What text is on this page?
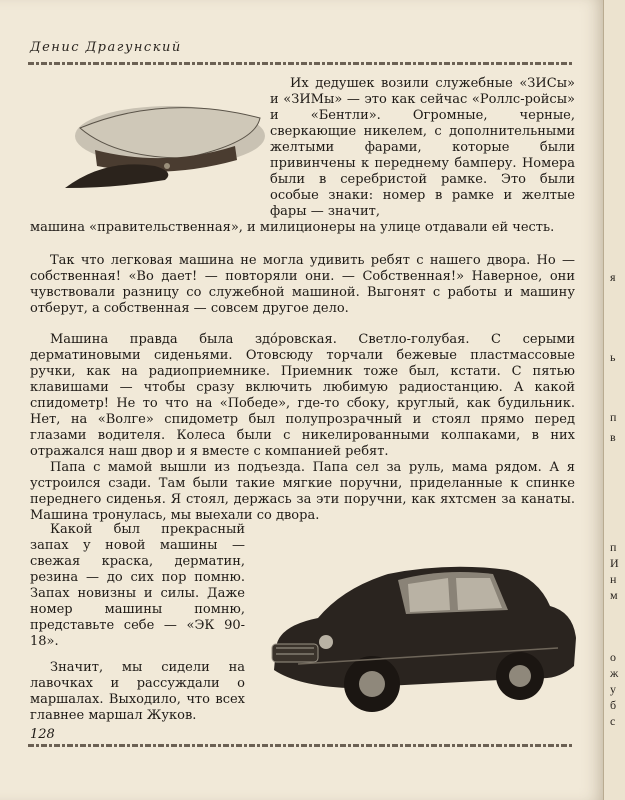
Денис Драгунский

Их дедушек возили служебные «ЗИСы» и «ЗИМы» — это как сейчас «Роллс-ройсы» и «Бентли». Огромные, черные, сверкающие никелем, с дополнительными желтыми фарами, которые были привинчены к переднему бамперу. Номера были в серебристой рамке. Это были особые знаки: номер в рамке и желтые фары — значит,

машина «правительственная», и милиционеры на улице отдавали ей честь.

Так что легковая машина не могла удивить ребят с нашего двора. Но — собственная! «Во дает! — повторяли они. — Собственная!» Наверное, они чувствовали разницу со служебной машиной. Выгонят с работы и машину отберут, а собственная — совсем другое дело.

Машина правда была здо́ровская. Светло-голубая. С серыми дерматиновыми сиденьями. Отовсюду торчали бежевые пластмассовые ручки, как на радиоприемнике. Приемник тоже был, кстати. С пятью клавишами — чтобы сразу включить любимую радиостанцию. А какой спидометр! Не то что на «Победе», где-то сбоку, круглый, как будильник. Нет, на «Волге» спидометр был полупрозрачный и стоял прямо перед глазами водителя. Колеса были с никелированными колпаками, в них отражался наш двор и я вместе с компанией ребят.

Папа с мамой вышли из подъезда. Папа сел за руль, мама рядом. А я устроился сзади. Там были такие мягкие поручни, приделанные к спинке переднего сиденья. Я стоял, держась за эти поручни, как яхтсмен за канаты. Машина тронулась, мы выехали со двора.

Какой был прекрасный запах у новой машины — свежая краска, дерматин, резина — до сих пор помню. Запах новизны и силы. Даже номер машины помню, представьте себе — «ЭК 90-18».

Значит, мы сидели на лавочках и рассуждали о маршалах. Выходило, что всех главнее маршал Жуков.

128
я
ь
п
в
п
И
н
м
о
ж
у
б
с
